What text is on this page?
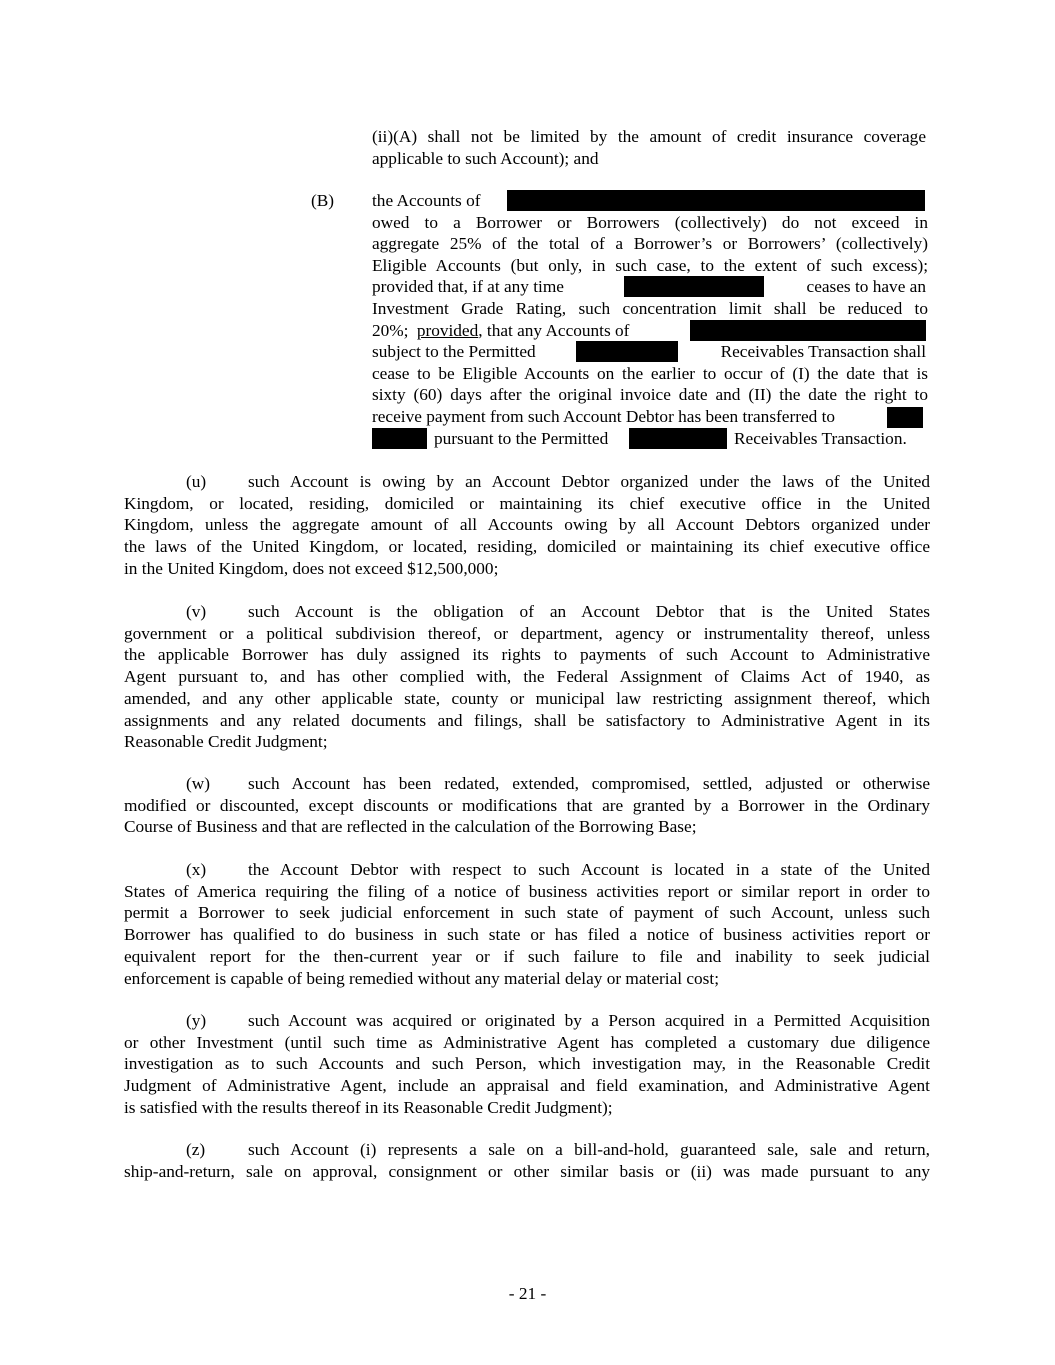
(ii)(A) shall not be limited by the amount of credit insurance coverage
applicable to such Account); and
(B) the Accounts of
owed to a Borrower or Borrowers (collectively) do not exceed in
aggregate 25% of the total of a Borrower’s or Borrowers’ (collectively)
Eligible Accounts (but only, in such case, to the extent of such excess);
provided that, if at any time	ceases to have an
Investment Grade Rating, such concentration limit shall be reduced to
20%; provided, that any Accounts of
subject to the Permitted	Receivables Transaction shall
cease to be Eligible Accounts on the earlier to occur of (I) the date that is
sixty (60) days after the original invoice date and (II) the date the right to
receive payment from such Account Debtor has been transferred to
pursuant to the Permitted	Receivables Transaction.

(u) such Account is owing by an Account Debtor organized under the laws of the United
Kingdom, or located, residing, domiciled or maintaining its chief executive office in the United
Kingdom, unless the aggregate amount of all Accounts owing by all Account Debtors organized under
the laws of the United Kingdom, or located, residing, domiciled or maintaining its chief executive office
in the United Kingdom, does not exceed $12,500,000;
(v) such Account is the obligation of an Account Debtor that is the United States
government or a political subdivision thereof, or department, agency or instrumentality thereof, unless
the applicable Borrower has duly assigned its rights to payments of such Account to Administrative
Agent pursuant to, and has other complied with, the Federal Assignment of Claims Act of 1940, as
amended, and any other applicable state, county or municipal law restricting assignment thereof, which
assignments and any related documents and filings, shall be satisfactory to Administrative Agent in its
Reasonable Credit Judgment;
(w) such Account has been redated, extended, compromised, settled, adjusted or otherwise
modified or discounted, except discounts or modifications that are granted by a Borrower in the Ordinary
Course of Business and that are reflected in the calculation of the Borrowing Base;
(x) the Account Debtor with respect to such Account is located in a state of the United
States of America requiring the filing of a notice of business activities report or similar report in order to
permit a Borrower to seek judicial enforcement in such state of payment of such Account, unless such
Borrower has qualified to do business in such state or has filed a notice of business activities report or
equivalent report for the then-current year or if such failure to file and inability to seek judicial
enforcement is capable of being remedied without any material delay or material cost;
(y) such Account was acquired or originated by a Person acquired in a Permitted Acquisition
or other Investment (until such time as Administrative Agent has completed a customary due diligence
investigation as to such Accounts and such Person, which investigation may, in the Reasonable Credit
Judgment of Administrative Agent, include an appraisal and field examination, and Administrative Agent
is satisfied with the results thereof in its Reasonable Credit Judgment);
(z) such Account (i) represents a sale on a bill-and-hold, guaranteed sale, sale and return,
ship-and-return, sale on approval, consignment or other similar basis or (ii) was made pursuant to any
- 21 -
